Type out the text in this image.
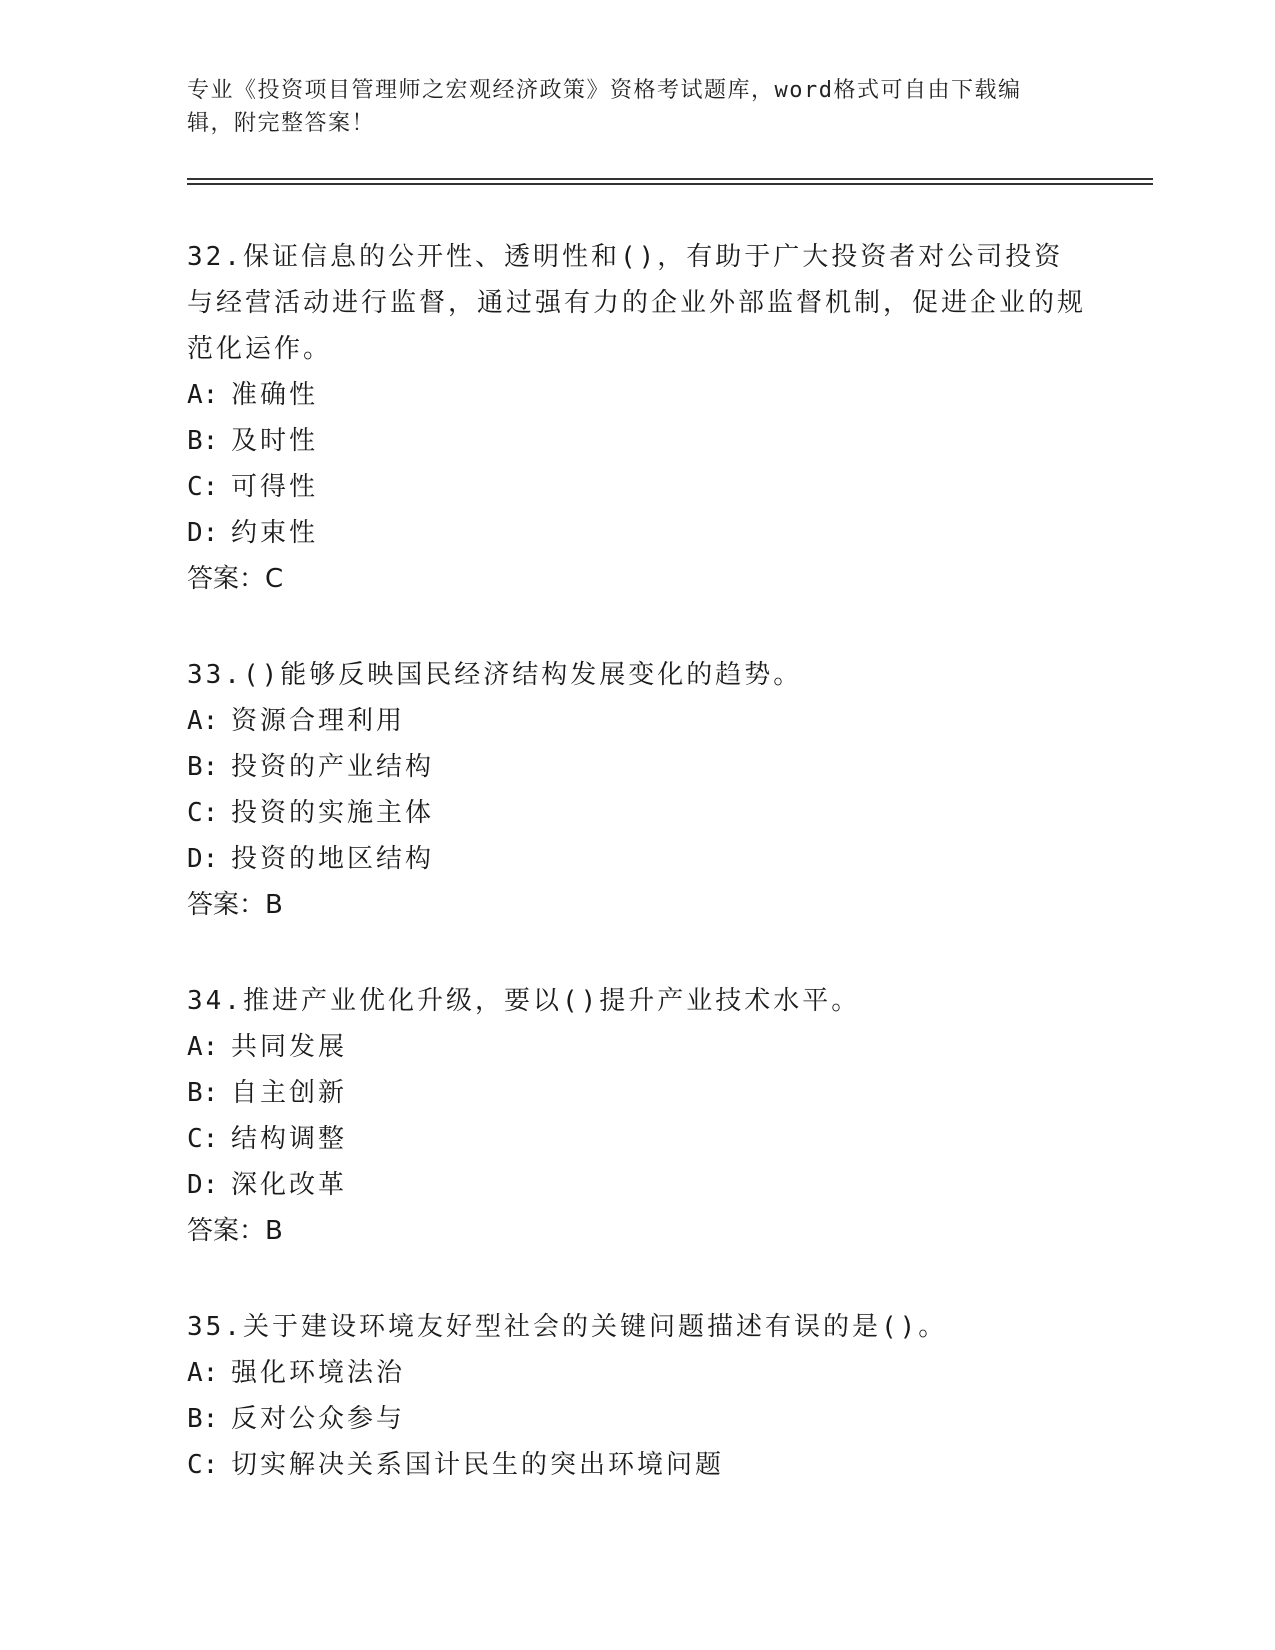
专业《投资项目管理师之宏观经济政策》资格考试题库，word格式可自由下载编
辑，附完整答案！

32.保证信息的公开性、透明性和()，有助于广大投资者对公司投资与经营活动进行监督，通过强有力的企业外部监督机制，促进企业的规范化运作。

A: 准确性

B: 及时性

C: 可得性

D: 约束性

答案：C

33.()能够反映国民经济结构发展变化的趋势。

A: 资源合理利用

B: 投资的产业结构

C: 投资的实施主体

D: 投资的地区结构

答案：B

34.推进产业优化升级，要以()提升产业技术水平。

A: 共同发展

B: 自主创新

C: 结构调整

D: 深化改革

答案：B

35.关于建设环境友好型社会的关键问题描述有误的是()。

A: 强化环境法治

B: 反对公众参与

C: 切实解决关系国计民生的突出环境问题
